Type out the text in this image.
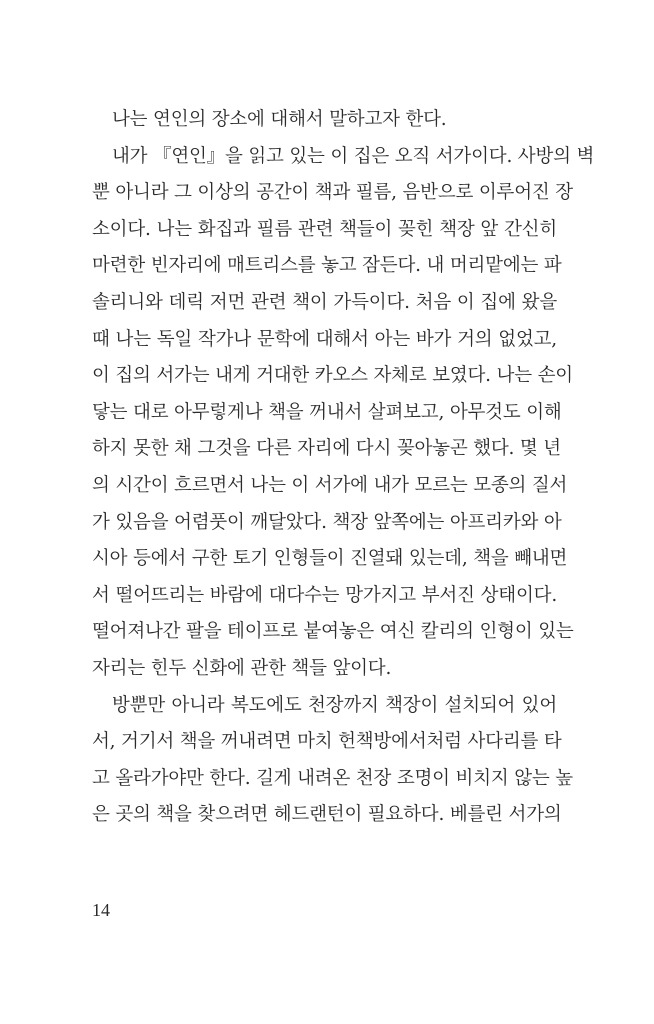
나는 연인의 장소에 대해서 말하고자 한다.
내가 『연인』을 읽고 있는 이 집은 오직 서가이다. 사방의 벽
뿐 아니라 그 이상의 공간이 책과 필름, 음반으로 이루어진 장
소이다. 나는 화집과 필름 관련 책들이 꽂힌 책장 앞 간신히
마련한 빈자리에 매트리스를 놓고 잠든다. 내 머리맡에는 파
솔리니와 데릭 저먼 관련 책이 가득이다. 처음 이 집에 왔을
때 나는 독일 작가나 문학에 대해서 아는 바가 거의 없었고,
이 집의 서가는 내게 거대한 카오스 자체로 보였다. 나는 손이
닿는 대로 아무렇게나 책을 꺼내서 살펴보고, 아무것도 이해
하지 못한 채 그것을 다른 자리에 다시 꽂아놓곤 했다. 몇 년
의 시간이 흐르면서 나는 이 서가에 내가 모르는 모종의 질서
가 있음을 어렴풋이 깨달았다. 책장 앞쪽에는 아프리카와 아
시아 등에서 구한 토기 인형들이 진열돼 있는데, 책을 빼내면
서 떨어뜨리는 바람에 대다수는 망가지고 부서진 상태이다.
떨어져나간 팔을 테이프로 붙여놓은 여신 칼리의 인형이 있는
자리는 힌두 신화에 관한 책들 앞이다.
방뿐만 아니라 복도에도 천장까지 책장이 설치되어 있어
서, 거기서 책을 꺼내려면 마치 헌책방에서처럼 사다리를 타
고 올라가야만 한다. 길게 내려온 천장 조명이 비치지 않는 높
은 곳의 책을 찾으려면 헤드랜턴이 필요하다. 베를린 서가의
14
